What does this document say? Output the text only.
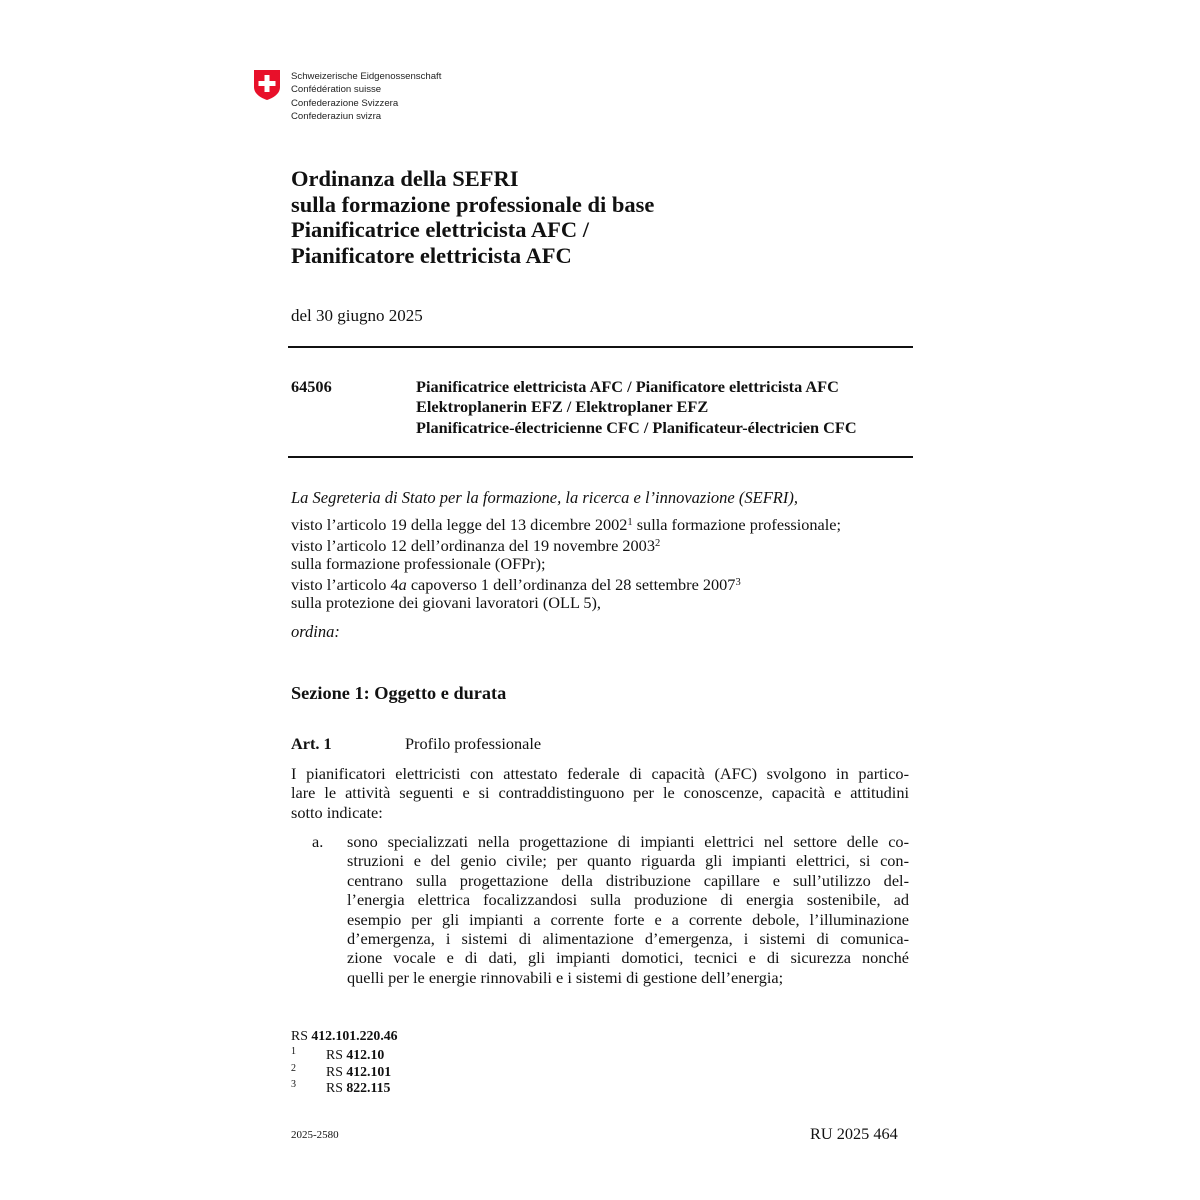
Schweizerische Eidgenossenschaft
Confédération suisse
Confederazione Svizzera
Confederaziun svizra
Ordinanza della SEFRI
sulla formazione professionale di base
Pianificatrice elettricista AFC /
Pianificatore elettricista AFC
del 30 giugno 2025
64506	Pianificatrice elettricista AFC / Pianificatore elettricista AFC
Elektroplanerin EFZ / Elektroplaner EFZ
Planificatrice-électricienne CFC / Planificateur-électricien CFC
La Segreteria di Stato per la formazione, la ricerca e l’innovazione (SEFRI),
visto l’articolo 19 della legge del 13 dicembre 2002$^1$ sulla formazione professionale;
visto l’articolo 12 dell’ordinanza del 19 novembre 2003$^2$
sulla formazione professionale (OFPr);
visto l’articolo 4a capoverso 1 dell’ordinanza del 28 settembre 2007$^3$
sulla protezione dei giovani lavoratori (OLL 5),
ordina:
Sezione 1: Oggetto e durata
Art. 1	Profilo professionale
I pianificatori elettricisti con attestato federale di capacità (AFC) svolgono in partico-
lare le attività seguenti e si contraddistinguono per le conoscenze, capacità e attitudini
sotto indicate:
a. sono specializzati nella progettazione di impianti elettrici nel settore delle co-
struzioni e del genio civile; per quanto riguarda gli impianti elettrici, si con-
centrano sulla progettazione della distribuzione capillare e sull’utilizzo del-
l’energia elettrica focalizzandosi sulla produzione di energia sostenibile, ad
esempio per gli impianti a corrente forte e a corrente debole, l’illuminazione
d’emergenza, i sistemi di alimentazione d’emergenza, i sistemi di comunica-
zione vocale e di dati, gli impianti domotici, tecnici e di sicurezza nonché
quelli per le energie rinnovabili e i sistemi di gestione dell’energia;
RS 412.101.220.46
1 RS 412.10
2 RS 412.101
3 RS 822.115
2025-2580	RU 2025 464
